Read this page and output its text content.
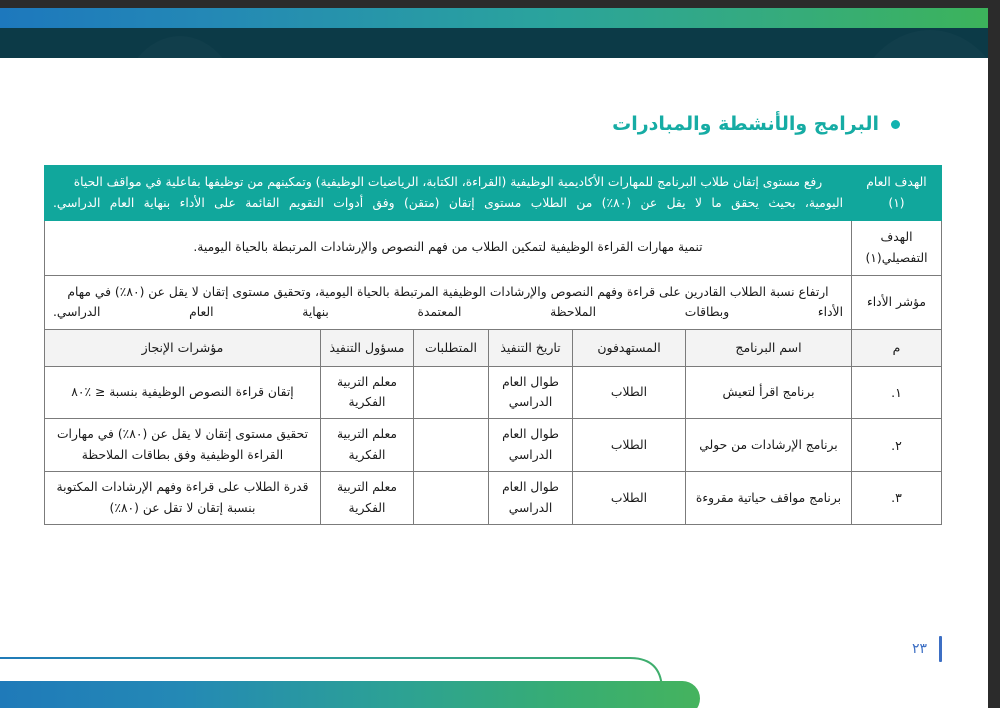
البرامج والأنشطة والمبادرات
الهدف العام (١)	رفع مستوى إتقان طلاب البرنامج للمهارات الأكاديمية الوظيفية (القراءة، الكتابة، الرياضيات الوظيفية) وتمكينهم من توظيفها بفاعلية في مواقف الحياة اليومية، بحيث يحقق ما لا يقل عن (٨٠٪) من الطلاب مستوى إتقان (متقن) وفق أدوات التقويم القائمة على الأداء بنهاية العام الدراسي.					
الهدف التفصيلي(١)	تنمية مهارات القراءة الوظيفية لتمكين الطلاب من فهم النصوص والإرشادات المرتبطة بالحياة اليومية.					
مؤشر الأداء	ارتفاع نسبة الطلاب القادرين على قراءة وفهم النصوص والإرشادات الوظيفية المرتبطة بالحياة اليومية، وتحقيق مستوى إتقان لا يقل عن (٨٠٪) في مهام الأداء وبطاقات الملاحظة المعتمدة بنهاية العام الدراسي.					
م	اسم البرنامج	المستهدفون	تاريخ التنفيذ	المتطلبات	مسؤول التنفيذ	مؤشرات الإنجاز
١.	برنامج اقرأ لتعيش	الطلاب	طوال العام الدراسي		معلم التربية الفكرية	إتقان قراءة النصوص الوظيفية بنسبة ≤ ٪٨٠
٢.	برنامج الإرشادات من حولي	الطلاب	طوال العام الدراسي		معلم التربية الفكرية	تحقيق مستوى إتقان لا يقل عن (٨٠٪) في مهارات القراءة الوظيفية وفق بطاقات الملاحظة
٣.	برنامج مواقف حياتية مقروءة	الطلاب	طوال العام الدراسي		معلم التربية الفكرية	قدرة الطلاب على قراءة وفهم الإرشادات المكتوبة بنسبة إتقان لا تقل عن (٨٠٪)
٢٣
